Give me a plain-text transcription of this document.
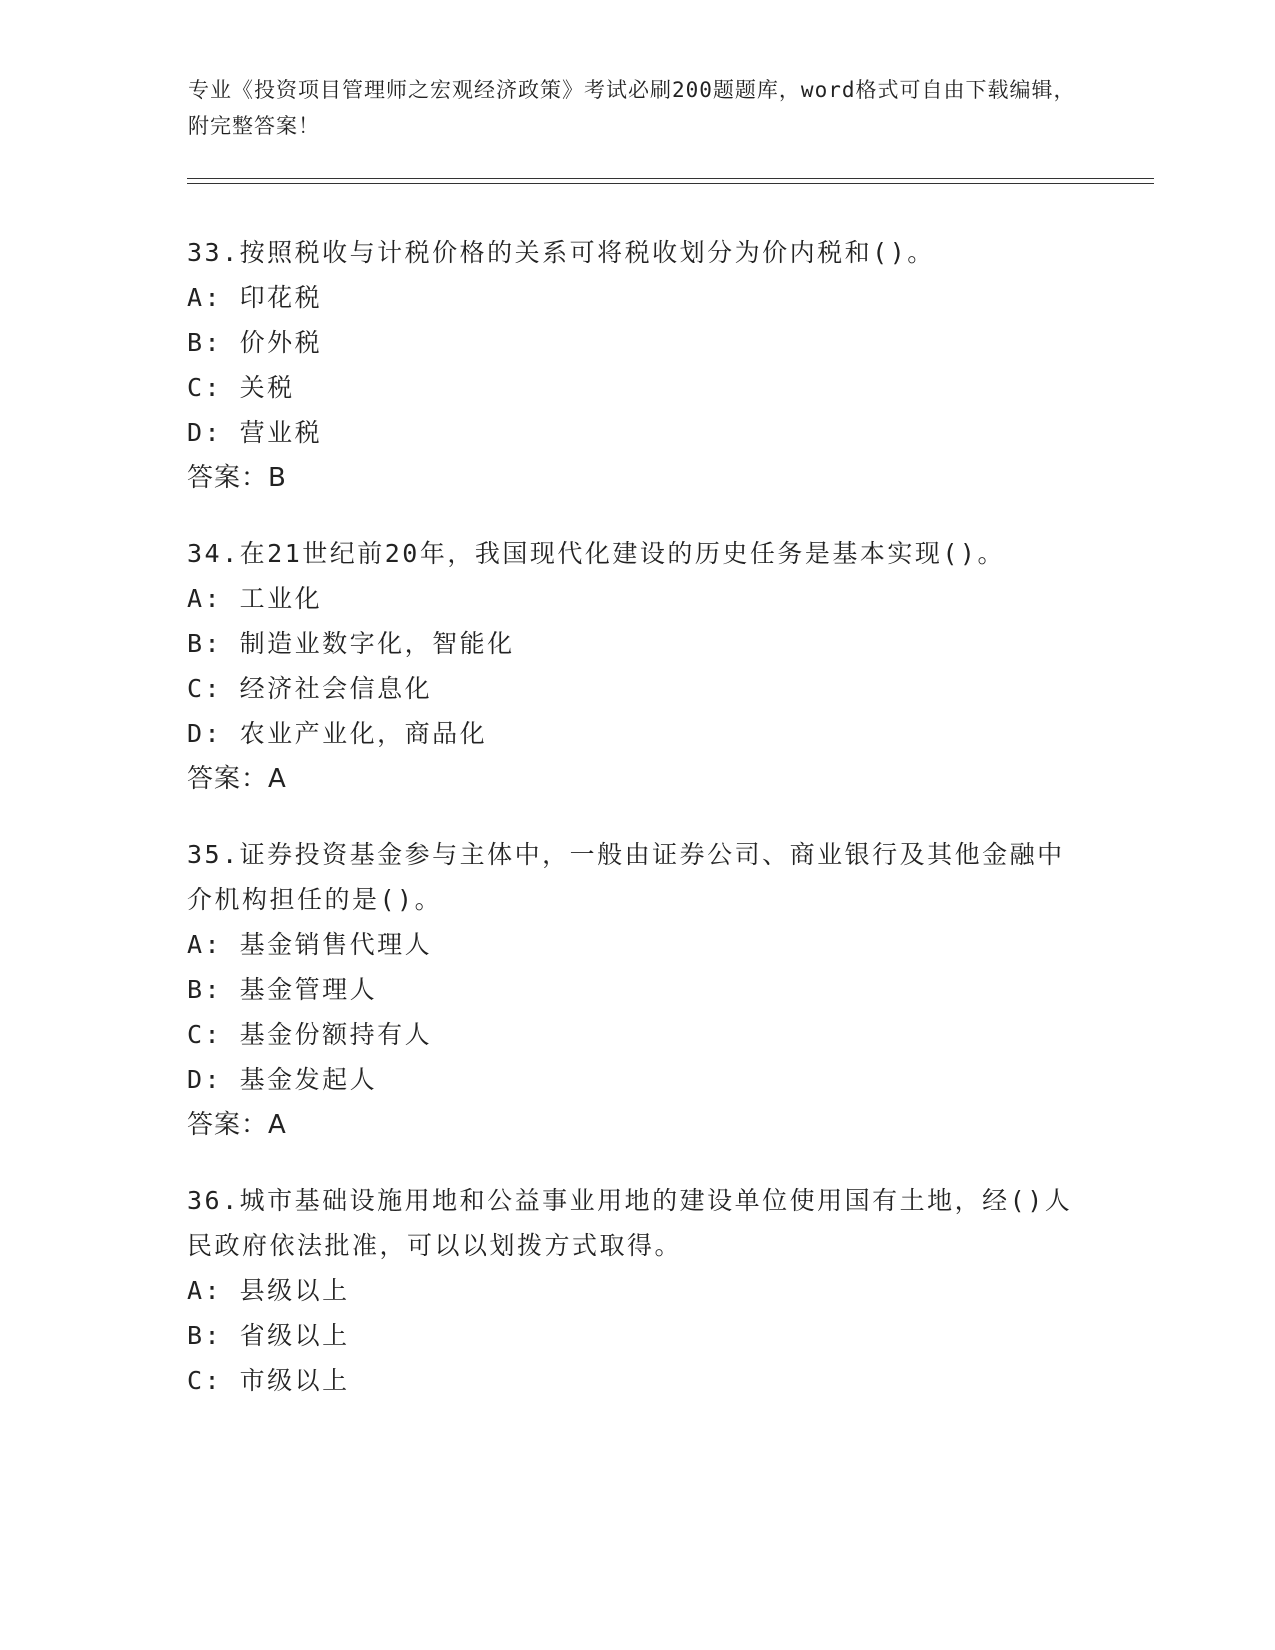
专业《投资项目管理师之宏观经济政策》考试必刷200题题库，word格式可自由下载编辑，附完整答案！

33.按照税收与计税价格的关系可将税收划分为价内税和()。

A: 印花税

B: 价外税

C: 关税

D: 营业税

答案：B

34.在21世纪前20年，我国现代化建设的历史任务是基本实现()。

A: 工业化

B: 制造业数字化，智能化

C: 经济社会信息化

D: 农业产业化，商品化

答案：A

35.证券投资基金参与主体中，一般由证券公司、商业银行及其他金融中介机构担任的是()。

A: 基金销售代理人

B: 基金管理人

C: 基金份额持有人

D: 基金发起人

答案：A

36.城市基础设施用地和公益事业用地的建设单位使用国有土地，经()人民政府依法批准，可以以划拨方式取得。

A: 县级以上

B: 省级以上

C: 市级以上
